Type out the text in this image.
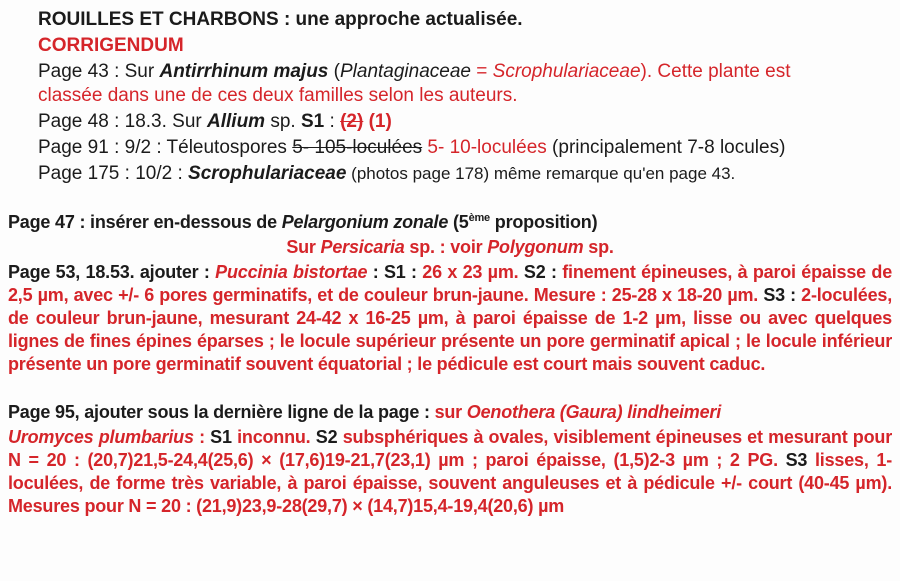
ROUILLES ET CHARBONS : une approche actualisée.

CORRIGENDUM

Page 43 : Sur Antirrhinum majus (Plantaginaceae = Scrophulariaceae). Cette plante est classée dans une de ces deux familles selon les auteurs.

Page 48 : 18.3. Sur Allium sp. S1 : (2) (1)

Page 91 : 9/2 : Téleutospores 5- 105-loculées 5- 10-loculées (principalement 7-8 locules)

Page 175 : 10/2 : Scrophulariaceae (photos page 178) même remarque qu'en page 43.

Page 47 : insérer en-dessous de Pelargonium zonale (5ème proposition)

Sur Persicaria sp. : voir Polygonum sp.

Page 53, 18.53. ajouter : Puccinia bistortae : S1 : 26 x 23 µm. S2 : finement épineuses, à paroi épaisse de 2,5 µm, avec +/- 6 pores germinatifs, et de couleur brun-jaune. Mesure : 25-28 x 18-20 µm. S3 : 2-loculées, de couleur brun-jaune, mesurant 24-42 x 16-25 µm, à paroi épaisse de 1-2 µm, lisse ou avec quelques lignes de fines épines éparses ; le locule supérieur présente un pore germinatif apical ; le locule inférieur présente un pore germinatif souvent équatorial ; le pédicule est court mais souvent caduc.

Page 95, ajouter sous la dernière ligne de la page : sur Oenothera (Gaura) lindheimeri

Uromyces plumbarius : S1 inconnu. S2 subsphériques à ovales, visiblement épineuses et mesurant pour N = 20 : (20,7)21,5-24,4(25,6) × (17,6)19-21,7(23,1) µm ; paroi épaisse, (1,5)2-3 µm ; 2 PG. S3 lisses, 1-loculées, de forme très variable, à paroi épaisse, souvent anguleuses et à pédicule +/- court (40-45 µm). Mesures pour N = 20 : (21,9)23,9-28(29,7) × (14,7)15,4-19,4(20,6) µm
